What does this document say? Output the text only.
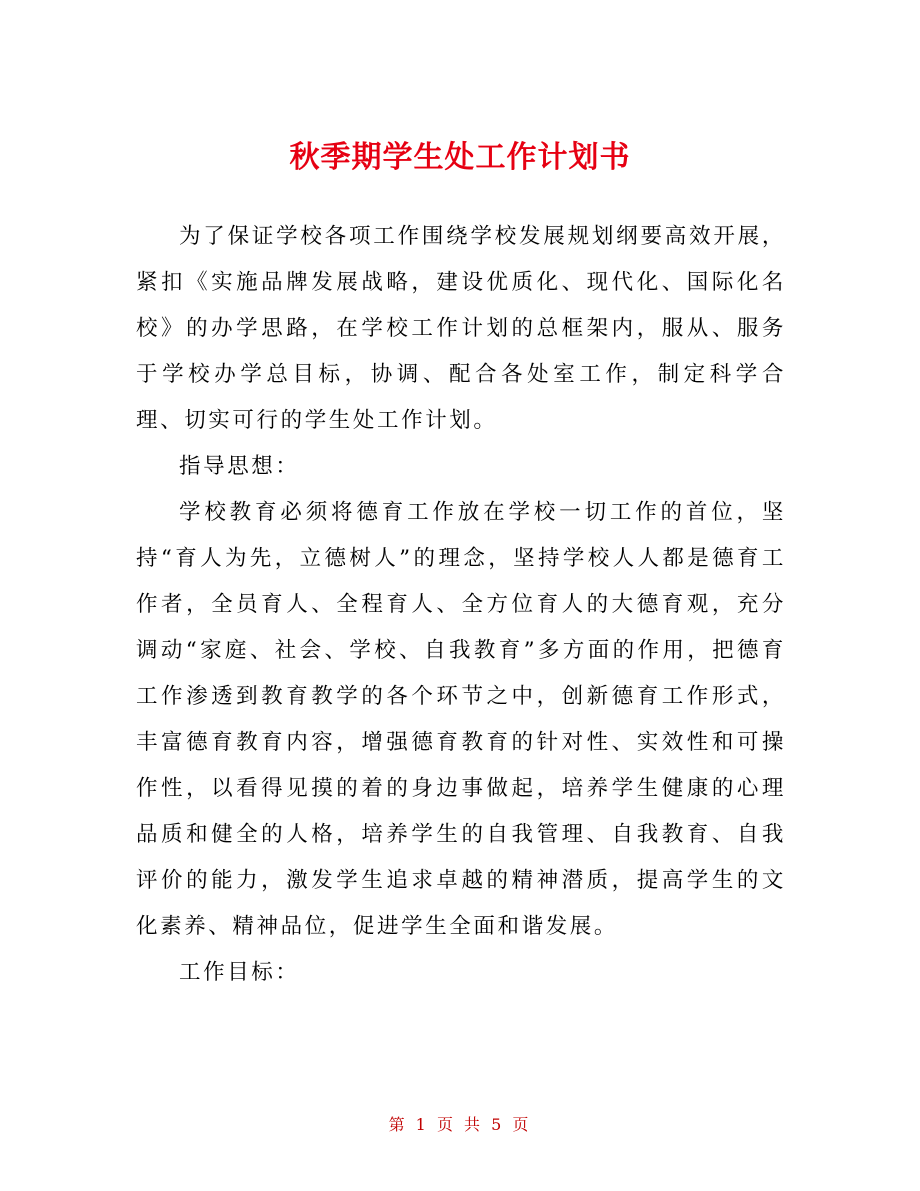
秋季期学生处工作计划书

为了保证学校各项工作围绕学校发展规划纲要高效开展，紧扣《实施品牌发展战略，建设优质化、现代化、国际化名校》的办学思路，在学校工作计划的总框架内，服从、服务于学校办学总目标，协调、配合各处室工作，制定科学合理、切实可行的学生处工作计划。

指导思想：

学校教育必须将德育工作放在学校一切工作的首位，坚持“育人为先，立德树人”的理念，坚持学校人人都是德育工作者，全员育人、全程育人、全方位育人的大德育观，充分调动“家庭、社会、学校、自我教育”多方面的作用，把德育工作渗透到教育教学的各个环节之中，创新德育工作形式，丰富德育教育内容，增强德育教育的针对性、实效性和可操作性，以看得见摸的着的身边事做起，培养学生健康的心理品质和健全的人格，培养学生的自我管理、自我教育、自我评价的能力，激发学生追求卓越的精神潜质，提高学生的文化素养、精神品位，促进学生全面和谐发展。

工作目标：

第 1 页 共 5 页
